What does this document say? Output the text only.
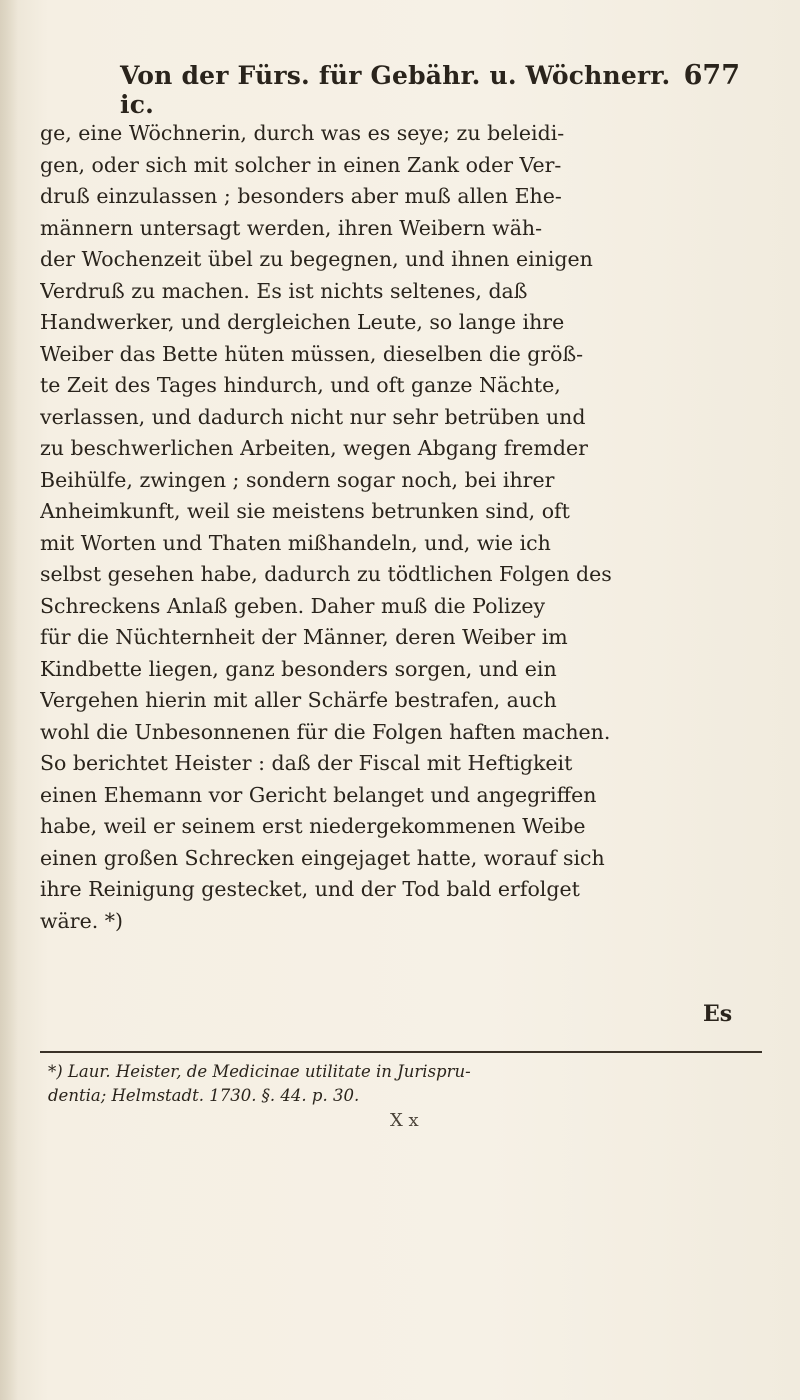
Von der Fürs. für Gebähr. u. Wöchnerr. ic.
677
ge, eine Wöchnerin, durch was es seye; zu beleidi-
gen, oder sich mit solcher in einen Zank oder Ver-
druß einzulassen ; besonders aber muß allen Ehe-
männern untersagt werden, ihren Weibern wäh-
der Wochenzeit übel zu begegnen, und ihnen einigen
Verdruß zu machen. Es ist nichts seltenes, daß
Handwerker, und dergleichen Leute, so lange ihre
Weiber das Bette hüten müssen, dieselben die größ-
te Zeit des Tages hindurch, und oft ganze Nächte,
verlassen, und dadurch nicht nur sehr betrüben und
zu beschwerlichen Arbeiten, wegen Abgang fremder
Beihülfe, zwingen ; sondern sogar noch, bei ihrer
Anheimkunft, weil sie meistens betrunken sind, oft
mit Worten und Thaten mißhandeln, und, wie ich
selbst gesehen habe, dadurch zu tödtlichen Folgen des
Schreckens Anlaß geben. Daher muß die Polizey
für die Nüchternheit der Männer, deren Weiber im
Kindbette liegen, ganz besonders sorgen, und ein
Vergehen hierin mit aller Schärfe bestrafen, auch
wohl die Unbesonnenen für die Folgen haften machen.
So berichtet Heister : daß der Fiscal mit Heftigkeit
einen Ehemann vor Gericht belanget und angegriffen
habe, weil er seinem erst niedergekommenen Weibe
einen großen Schrecken eingejaget hatte, worauf sich
ihre Reinigung gestecket, und der Tod bald erfolget
wäre. *)
Es
*) Laur. Heister, de Medicinae utilitate in Jurispru-
dentia; Helmstadt. 1730. §. 44. p. 30.
X x
